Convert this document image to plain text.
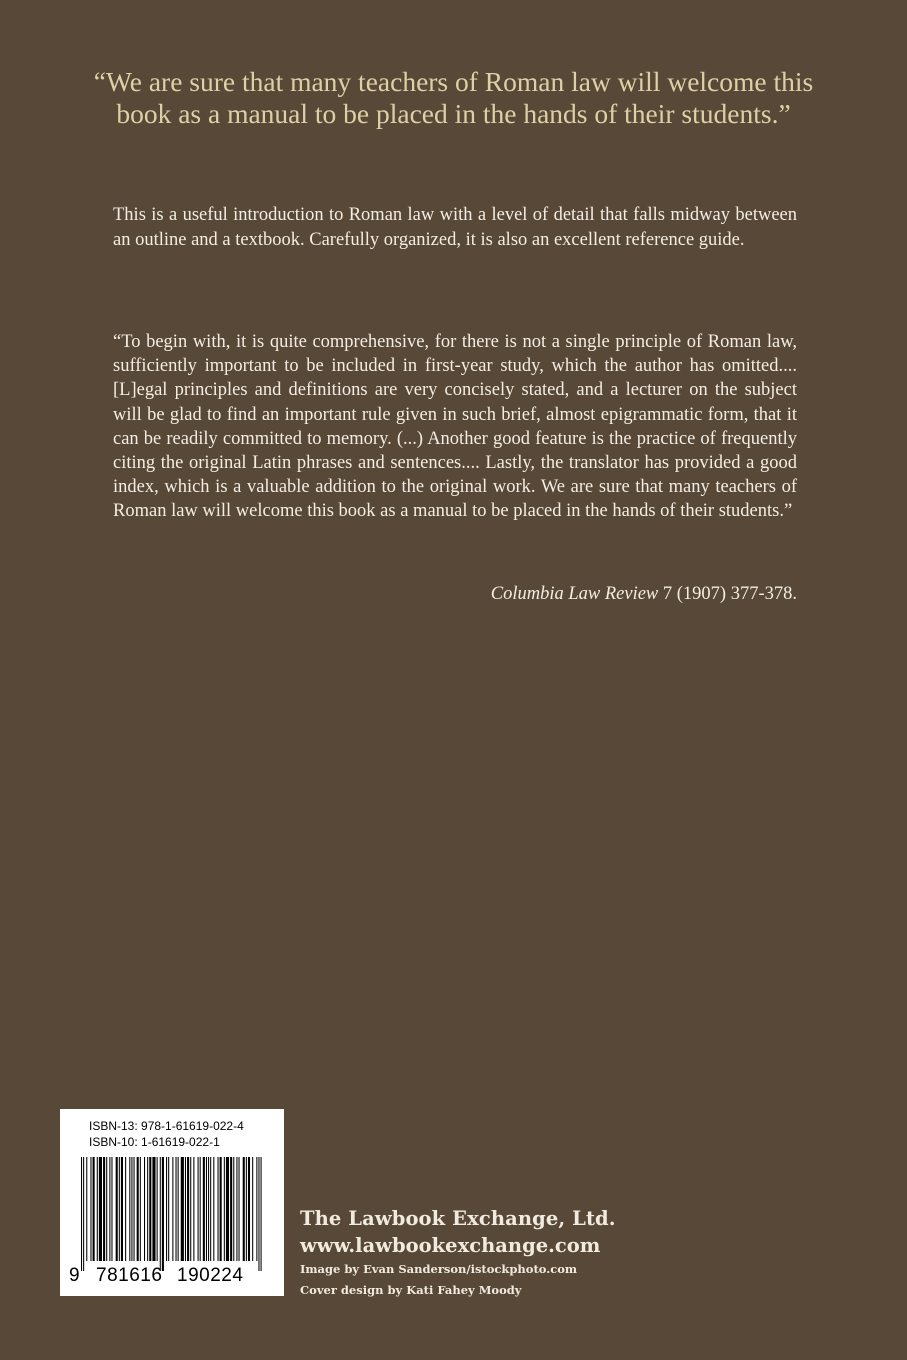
“We are sure that many teachers of Roman law will welcome this
book as a manual to be placed in the hands of their students.”

This is a useful introduction to Roman law with a level of detail that falls midway between an outline and a textbook. Carefully organized, it is also an excellent reference guide.

“To begin with, it is quite comprehensive, for there is not a single principle of Roman law, sufficiently important to be included in first-year study, which the author has omitted.... [L]egal principles and definitions are very concisely stated, and a lecturer on the subject will be glad to find an important rule given in such brief, almost epigrammatic form, that it can be readily committed to memory. (...) Another good feature is the practice of frequently citing the original Latin phrases and sentences.... Lastly, the translator has provided a good index, which is a valuable addition to the original work. We are sure that many teachers of Roman law will welcome this book as a manual to be placed in the hands of their students.”

Columbia Law Review 7 (1907) 377-378.
ISBN-13: 978-1-61619-022-4
ISBN-10: 1-61619-022-1
9 781616 190224
The Lawbook Exchange, Ltd.
www.lawbookexchange.com
Image by Evan Sanderson/istockphoto.com
Cover design by Kati Fahey Moody
